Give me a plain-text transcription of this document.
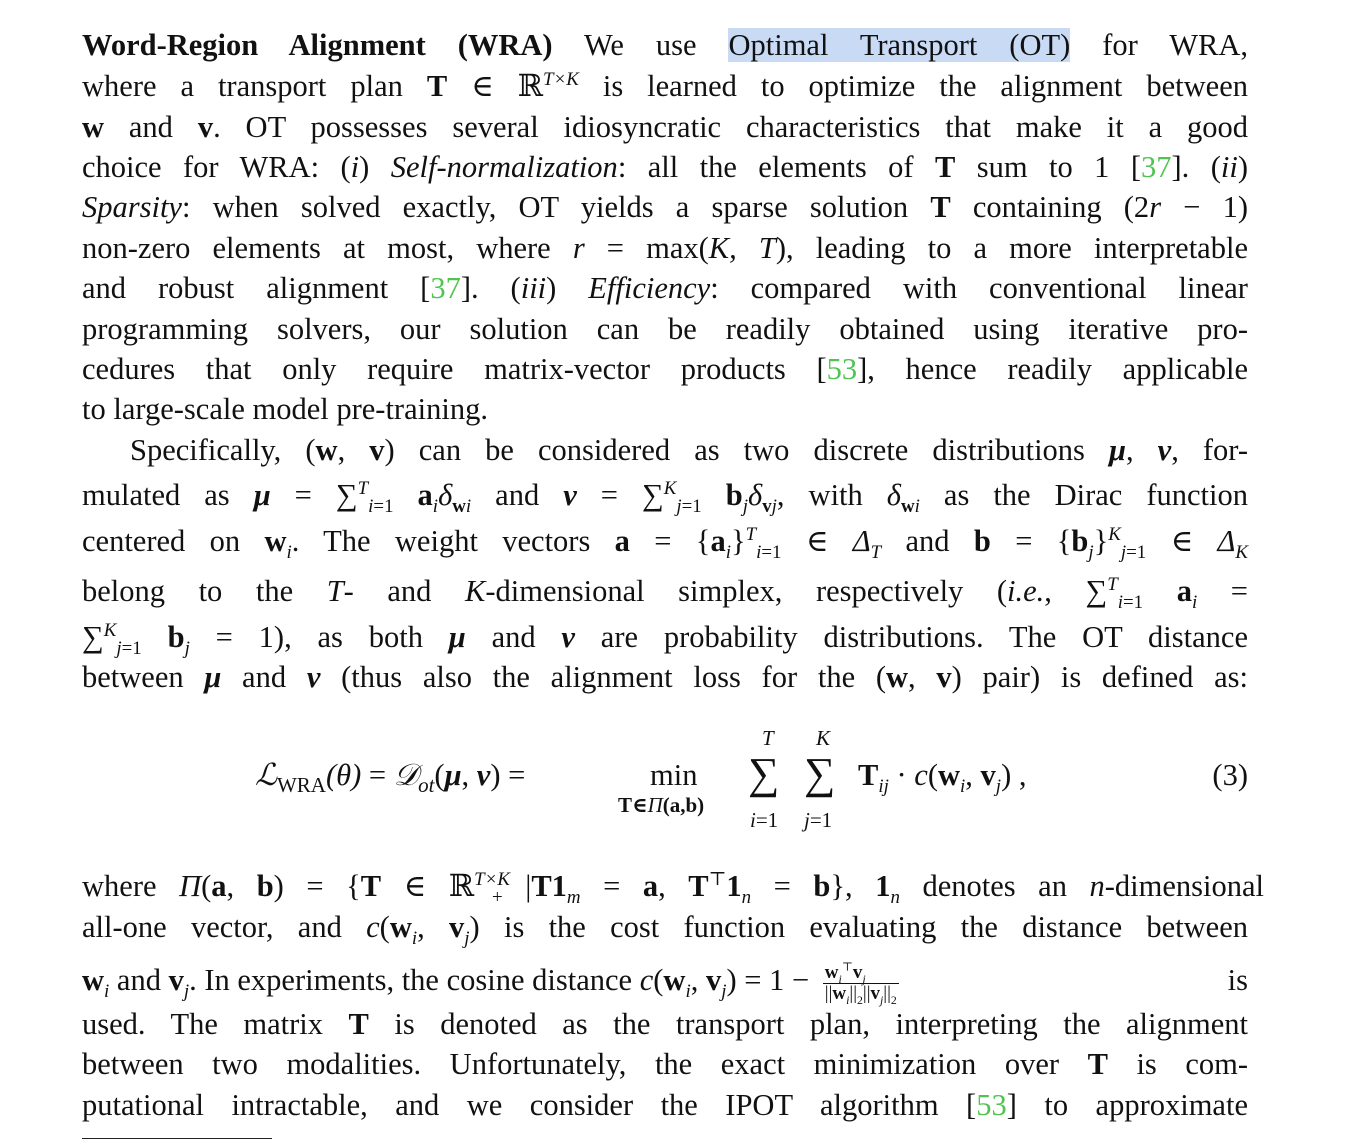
Word-Region Alignment (WRA) We use Optimal Transport (OT) for WRA,
where a transport plan T ∈ ℝ$^{T\times K}$ is learned to optimize the alignment between
w and v. OT possesses several idiosyncratic characteristics that make it a good
choice for WRA: (i) Self-normalization: all the elements of T sum to 1 [37]. (ii)
Sparsity: when solved exactly, OT yields a sparse solution T containing (2r − 1)
non-zero elements at most, where r = max(K, T), leading to a more interpretable
and robust alignment [37]. (iii) Efficiency: compared with conventional linear
programming solvers, our solution can be readily obtained using iterative pro-
cedures that only require matrix-vector products [53], hence readily applicable
to large-scale model pre-training.
Specifically, (w, v) can be considered as two discrete distributions μ, ν, for-
mulated as μ = ∑$^T_{i=1}$ $a_i\delta_{wi}$ and ν = ∑$^K_{j=1}$ $b_j\delta_{vj}$, with $\delta_{wi}$ as the Dirac function
centered on $w_i$. The weight vectors $a = \{a_i\}^T_{i=1}$ ∈ $\Delta_T$ and $b = \{b_j\}^K_{j=1}$ ∈ $\Delta_K$
belong to the T- and K-dimensional simplex, respectively (i.e., ∑$^T_{i=1}$ $a_i$ =
∑$^K_{j=1}$ $b_j = 1$), as both μ and ν are probability distributions. The OT distance
between μ and ν (thus also the alignment loss for the (w, v) pair) is defined as:
ℒ$_{WRA}$(θ) = 𝒟$_{ot}$(μ, ν) =	min
T∈Π(a,b)
T
∑
i=1
K
∑
j=1
$T_{ij} \cdot c(w_i$, $v_j$) ,	(3)
where Π(a, b) = {T ∈ ℝ$^{T\times K}_+$ $|T1_m = a$, $T^⊤1_n = b$}, $1_n$ denotes an n-dimensional
all-one vector, and $c(w_i$, $v_j$) is the cost function evaluating the distance between
$w_i$ and $v_j$. In experiments, the cosine distance $c(w_i$, $v_j) = 1 - \frac{w_i^⊤v_j}{||w_i||_2||v_j||_2}$	is
used. The matrix T is denoted as the transport plan, interpreting the alignment
between two modalities. Unfortunately, the exact minimization over T is com-
putational intractable, and we consider the IPOT algorithm [53] to approximate
